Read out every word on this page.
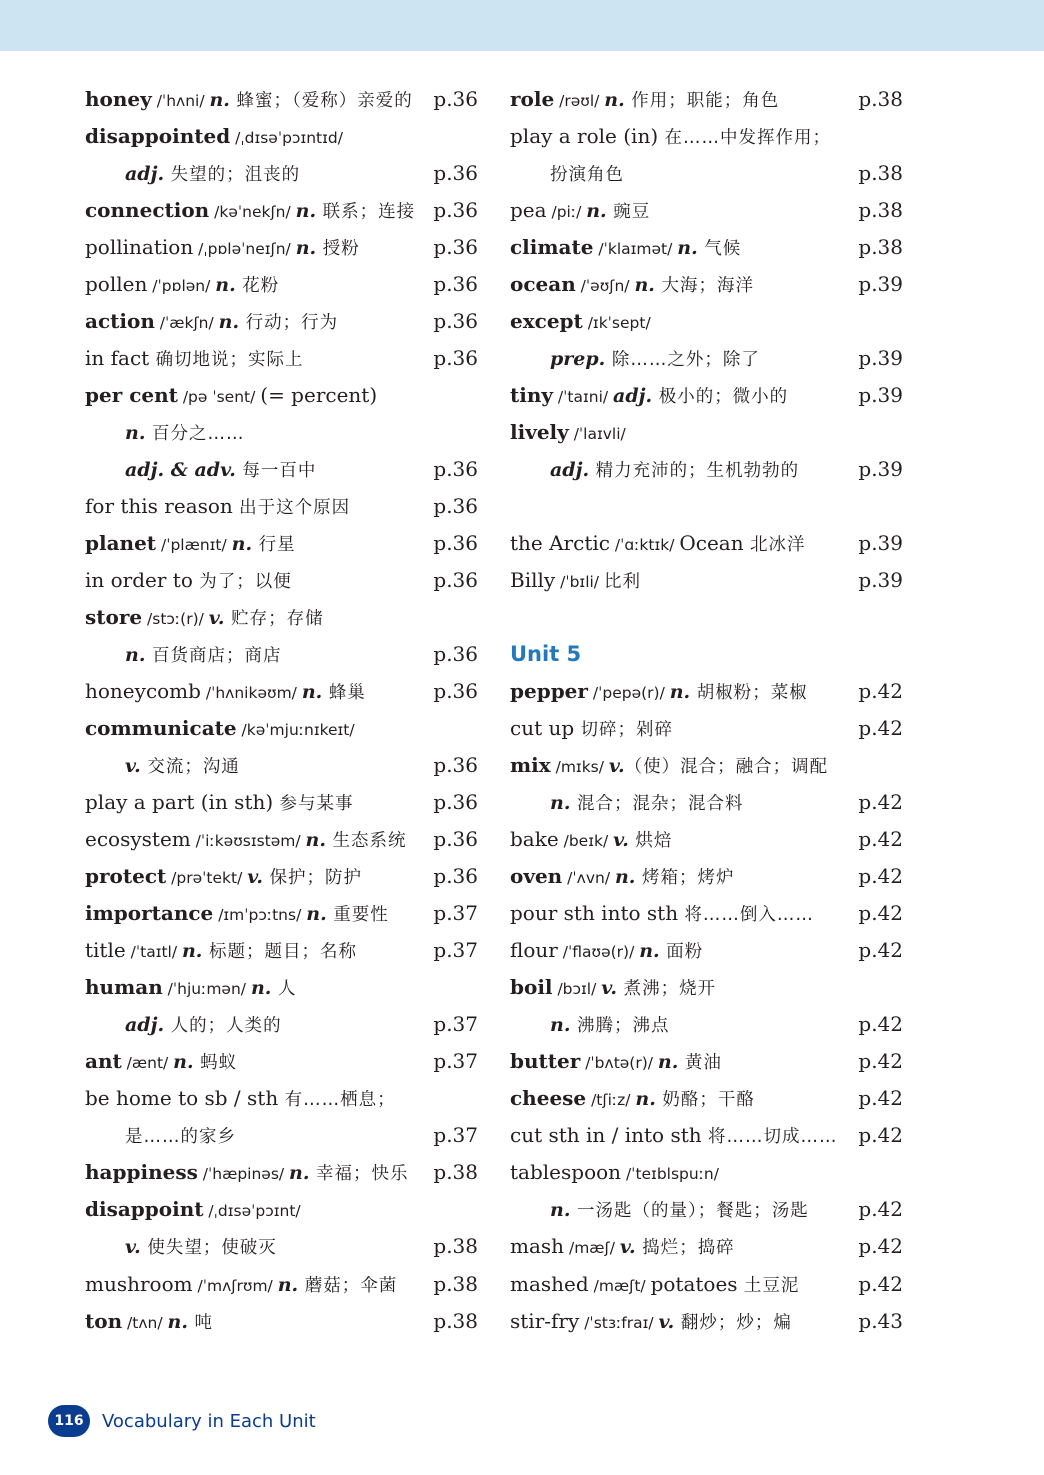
honey /ˈhʌni/ n. 蜂蜜；（爱称）亲爱的 p.36
disappointed /ˌdɪsəˈpɔɪntɪd/
adj. 失望的；沮丧的	p.36
connection /kəˈnekʃn/ n. 联系；连接 p.36
pollination /ˌpɒləˈneɪʃn/ n. 授粉	p.36
pollen /ˈpɒlən/ n. 花粉	p.36
action /ˈækʃn/ n. 行动；行为	p.36
in fact 确切地说；实际上	p.36
per cent /pə ˈsent/ (= percent)
n. 百分之……
adj. & adv. 每一百中	p.36
for this reason 出于这个原因	p.36
planet /ˈplænɪt/ n. 行星	p.36
in order to 为了；以便	p.36
store /stɔː(r)/ v. 贮存；存储
n. 百货商店；商店	p.36
honeycomb /ˈhʌnikəʊm/ n. 蜂巢	p.36
communicate /kəˈmjuːnɪkeɪt/
v. 交流；沟通	p.36
play a part (in sth) 参与某事	p.36
ecosystem /ˈiːkəʊsɪstəm/ n. 生态系统 p.36
protect /prəˈtekt/ v. 保护；防护	p.36
importance /ɪmˈpɔːtns/ n. 重要性 p.37
title /ˈtaɪtl/ n. 标题；题目；名称	p.37
human /ˈhjuːmən/ n. 人
adj. 人的；人类的	p.37
ant /ænt/ n. 蚂蚁	p.37
be home to sb / sth 有……栖息；
是……的家乡	p.37
happiness /ˈhæpinəs/ n. 幸福；快乐 p.38
disappoint /ˌdɪsəˈpɔɪnt/
v. 使失望；使破灭	p.38
mushroom /ˈmʌʃrʊm/ n. 蘑菇；伞菌 p.38
ton /tʌn/ n. 吨	p.38
role /rəʊl/ n. 作用；职能；角色	p.38
play a role (in) 在……中发挥作用；
扮演角色	p.38
pea /piː/ n. 豌豆	p.38
climate /ˈklaɪmət/ n. 气候	p.38
ocean /ˈəʊʃn/ n. 大海；海洋	p.39
except /ɪkˈsept/
prep. 除……之外；除了	p.39
tiny /ˈtaɪni/ adj. 极小的；微小的	p.39
lively /ˈlaɪvli/
adj. 精力充沛的；生机勃勃的	p.39
the Arctic /ˈɑːktɪk/ Ocean 北冰洋	p.39
Billy /ˈbɪli/ 比利	p.39
Unit 5
pepper /ˈpepə(r)/ n. 胡椒粉；菜椒	p.42
cut up 切碎；剁碎	p.42
mix /mɪks/ v.（使）混合；融合；调配
n. 混合；混杂；混合料	p.42
bake /beɪk/ v. 烘焙	p.42
oven /ˈʌvn/ n. 烤箱；烤炉	p.42
pour sth into sth 将……倒入…… p.42
flour /ˈflaʊə(r)/ n. 面粉	p.42
boil /bɔɪl/ v. 煮沸；烧开
n. 沸腾；沸点	p.42
butter /ˈbʌtə(r)/ n. 黄油	p.42
cheese /tʃiːz/ n. 奶酪；干酪	p.42
cut sth in / into sth 将……切成…… p.42
tablespoon /ˈteɪblspuːn/
n. 一汤匙（的量）；餐匙；汤匙 p.42
mash /mæʃ/ v. 捣烂；捣碎	p.42
mashed /mæʃt/ potatoes 土豆泥	p.42
stir-fry /ˈstɜːfraɪ/ v. 翻炒；炒；煸	p.43
116	Vocabulary in Each Unit
